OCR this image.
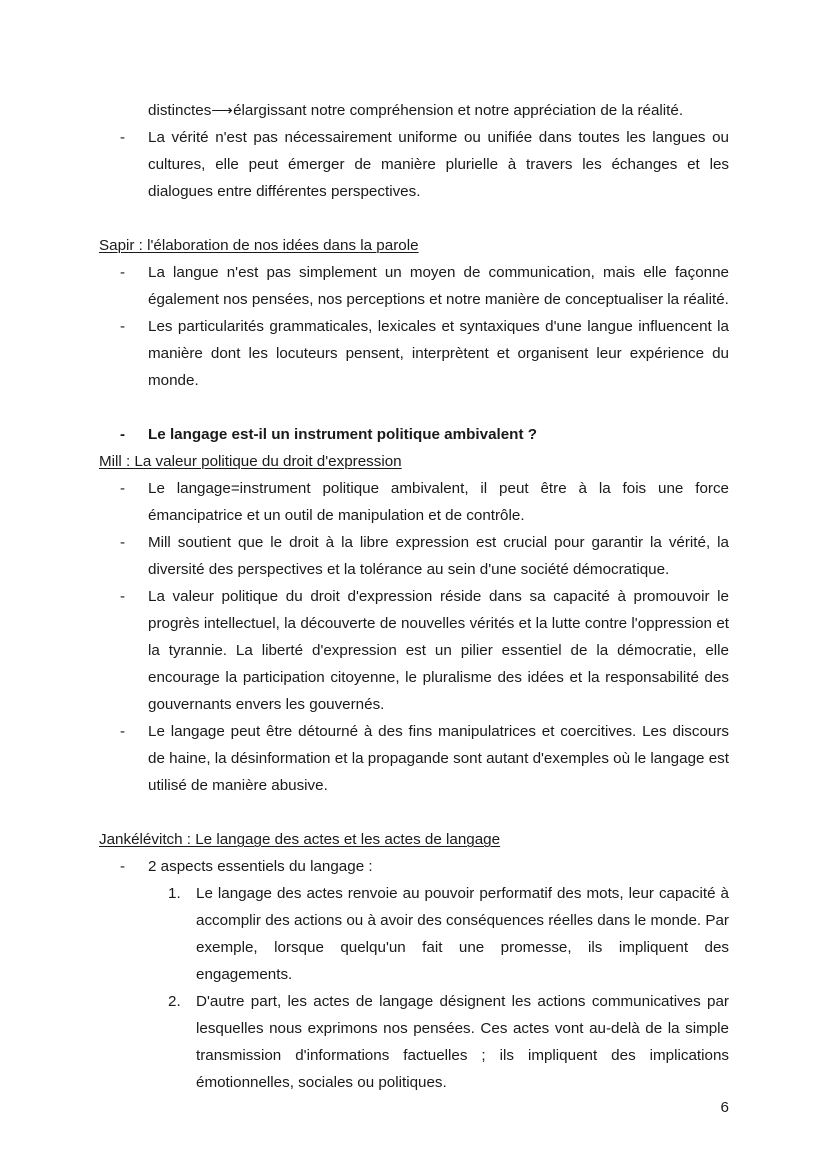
distinctes⟶élargissant notre compréhension et notre appréciation de la réalité.

-	La vérité n'est pas nécessairement uniforme ou unifiée dans toutes les langues ou cultures, elle peut émerger de manière plurielle à travers les échanges et les dialogues entre différentes perspectives.

Sapir : l'élaboration de nos idées dans la parole

-	La langue n'est pas simplement un moyen de communication, mais elle façonne également nos pensées, nos perceptions et notre manière de conceptualiser la réalité.

-	Les particularités grammaticales, lexicales et syntaxiques d'une langue influencent la manière dont les locuteurs pensent, interprètent et organisent leur expérience du monde.

-	Le langage est-il un instrument politique ambivalent ?

Mill : La valeur politique du droit d'expression

-	Le langage=instrument politique ambivalent, il peut être à la fois une force émancipatrice et un outil de manipulation et de contrôle.

-	Mill soutient que le droit à la libre expression est crucial pour garantir la vérité, la diversité des perspectives et la tolérance au sein d'une société démocratique.

-	La valeur politique du droit d'expression réside dans sa capacité à promouvoir le progrès intellectuel, la découverte de nouvelles vérités et la lutte contre l'oppression et la tyrannie. La liberté d'expression est un pilier essentiel de la démocratie, elle encourage la participation citoyenne, le pluralisme des idées et la responsabilité des gouvernants envers les gouvernés.

-	Le langage peut être détourné à des fins manipulatrices et coercitives. Les discours de haine, la désinformation et la propagande sont autant d'exemples où le langage est utilisé de manière abusive.

Jankélévitch : Le langage des actes et les actes de langage

-	2 aspects essentiels du langage :

1.	Le langage des actes renvoie au pouvoir performatif des mots, leur capacité à accomplir des actions ou à avoir des conséquences réelles dans le monde. Par exemple, lorsque quelqu'un fait une promesse, ils impliquent des engagements.

2.	D'autre part, les actes de langage désignent les actions communicatives par lesquelles nous exprimons nos pensées. Ces actes vont au-delà de la simple transmission d'informations factuelles ; ils impliquent des implications émotionnelles, sociales ou politiques.

6
